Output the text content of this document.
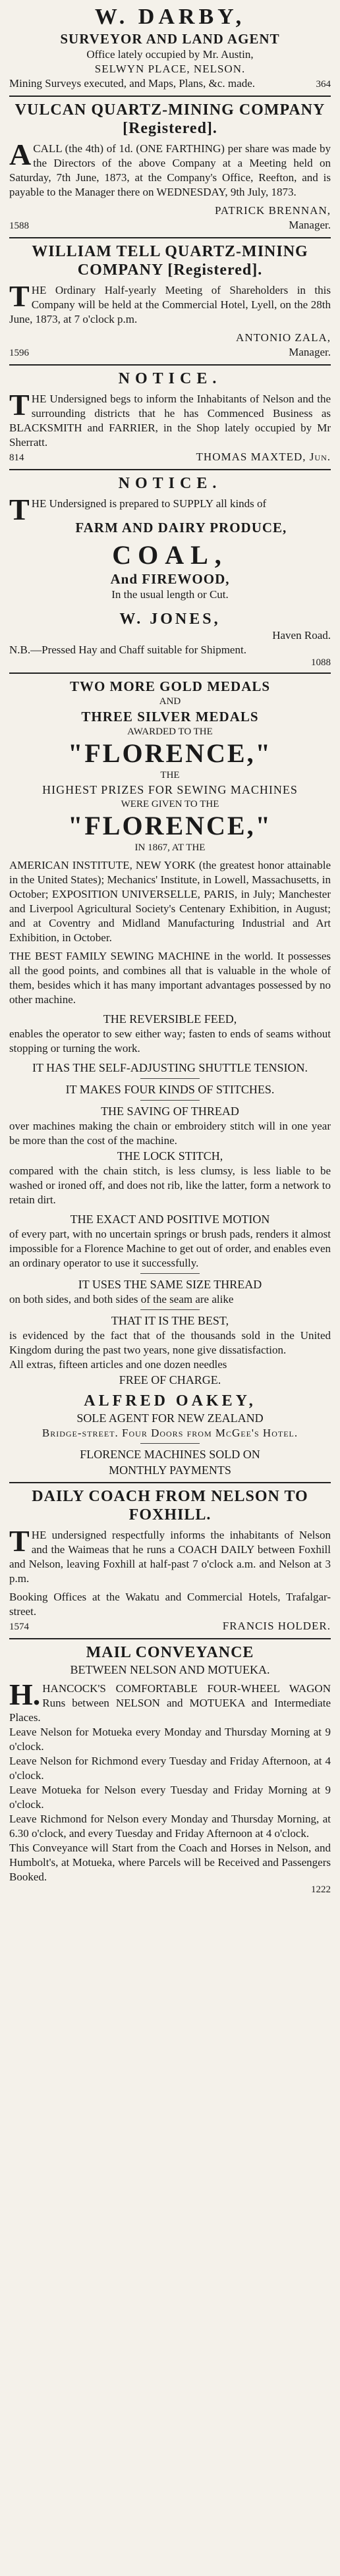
W. DARBY,

SURVEYOR AND LAND AGENT

Office lately occupied by Mr. Austin,

SELWYN PLACE, NELSON.

Mining Surveys executed, and Maps, Plans, &c. made.	364

VULCAN QUARTZ-MINING COMPANY [Registered].

ACALL (the 4th) of 1d. (ONE FARTHING) per share was made by the Directors of the above Company at a Meeting held on Saturday, 7th June, 1873, at the Company's Office, Reefton, and is payable to the Manager there on WEDNESDAY, 9th July, 1873.

PATRICK BRENNAN,

1588	Manager.

WILLIAM TELL QUARTZ-MINING COMPANY [Registered].

THE Ordinary Half-yearly Meeting of Shareholders in this Company will be held at the Commercial Hotel, Lyell, on the 28th June, 1873, at 7 o'clock p.m.

ANTONIO ZALA,

1596	Manager.

NOTICE.

THE Undersigned begs to inform the Inhabitants of Nelson and the surrounding districts that he has Commenced Business as BLACKSMITH and FARRIER, in the Shop lately occupied by Mr Sherratt.

814	THOMAS MAXTED, Jun.

NOTICE.

THE Undersigned is prepared to SUPPLY all kinds of

FARM AND DAIRY PRODUCE,

COAL,

And FIREWOOD,

In the usual length or Cut.

W. JONES,

Haven Road.

N.B.—Pressed Hay and Chaff suitable for Shipment.

1088

TWO MORE GOLD MEDALS

AND

THREE SILVER MEDALS

AWARDED TO THE

"FLORENCE,"

THE

HIGHEST PRIZES FOR SEWING MACHINES

WERE GIVEN TO THE

"FLORENCE,"

IN 1867, AT THE

AMERICAN INSTITUTE, NEW YORK (the greatest honor attainable in the United States); Mechanics' Institute, in Lowell, Massachusetts, in October; EXPOSITION UNIVERSELLE, PARIS, in July; Manchester and Liverpool Agricultural Society's Centenary Exhibition, in August; and at Coventry and Midland Manufacturing Industrial and Art Exhibition, in October.

THE BEST FAMILY SEWING MACHINE in the world. It possesses all the good points, and combines all that is valuable in the whole of them, besides which it has many important advantages possessed by no other machine.

THE REVERSIBLE FEED,

enables the operator to sew either way; fasten to ends of seams without stopping or turning the work.

IT HAS THE SELF-ADJUSTING SHUTTLE TENSION.

IT MAKES FOUR KINDS OF STITCHES.

THE SAVING OF THREAD

over machines making the chain or embroidery stitch will in one year be more than the cost of the machine.

THE LOCK STITCH,

compared with the chain stitch, is less clumsy, is less liable to be washed or ironed off, and does not rib, like the latter, form a network to retain dirt.

THE EXACT AND POSITIVE MOTION

of every part, with no uncertain springs or brush pads, renders it almost impossible for a Florence Machine to get out of order, and enables even an ordinary operator to use it successfully.

IT USES THE SAME SIZE THREAD

on both sides, and both sides of the seam are alike

THAT IT IS THE BEST,

is evidenced by the fact that of the thousands sold in the United Kingdom during the past two years, none give dissatisfaction.

All extras, fifteen articles and one dozen needles

FREE OF CHARGE.

ALFRED OAKEY,

SOLE AGENT FOR NEW ZEALAND

Bridge-street. Four Doors from McGee's Hotel.

FLORENCE MACHINES SOLD ON

MONTHLY PAYMENTS

DAILY COACH FROM NELSON TO FOXHILL.

THE undersigned respectfully informs the inhabitants of Nelson and the Waimeas that he runs a COACH DAILY between Foxhill and Nelson, leaving Foxhill at half-past 7 o'clock a.m. and Nelson at 3 p.m.

Booking Offices at the Wakatu and Commercial Hotels, Trafalgar-street.

1574	FRANCIS HOLDER.

MAIL CONVEYANCE

BETWEEN NELSON AND MOTUEKA.

H.HANCOCK'S COMFORTABLE FOUR-WHEEL WAGON Runs between NELSON and MOTUEKA and Intermediate Places.

Leave Nelson for Motueka every Monday and Thursday Morning at 9 o'clock.

Leave Nelson for Richmond every Tuesday and Friday Afternoon, at 4 o'clock.

Leave Motueka for Nelson every Tuesday and Friday Morning at 9 o'clock.

Leave Richmond for Nelson every Monday and Thursday Morning, at 6.30 o'clock, and every Tuesday and Friday Afternoon at 4 o'clock.

This Conveyance will Start from the Coach and Horses in Nelson, and Humbolt's, at Motueka, where Parcels will be Received and Passengers Booked.

1222
